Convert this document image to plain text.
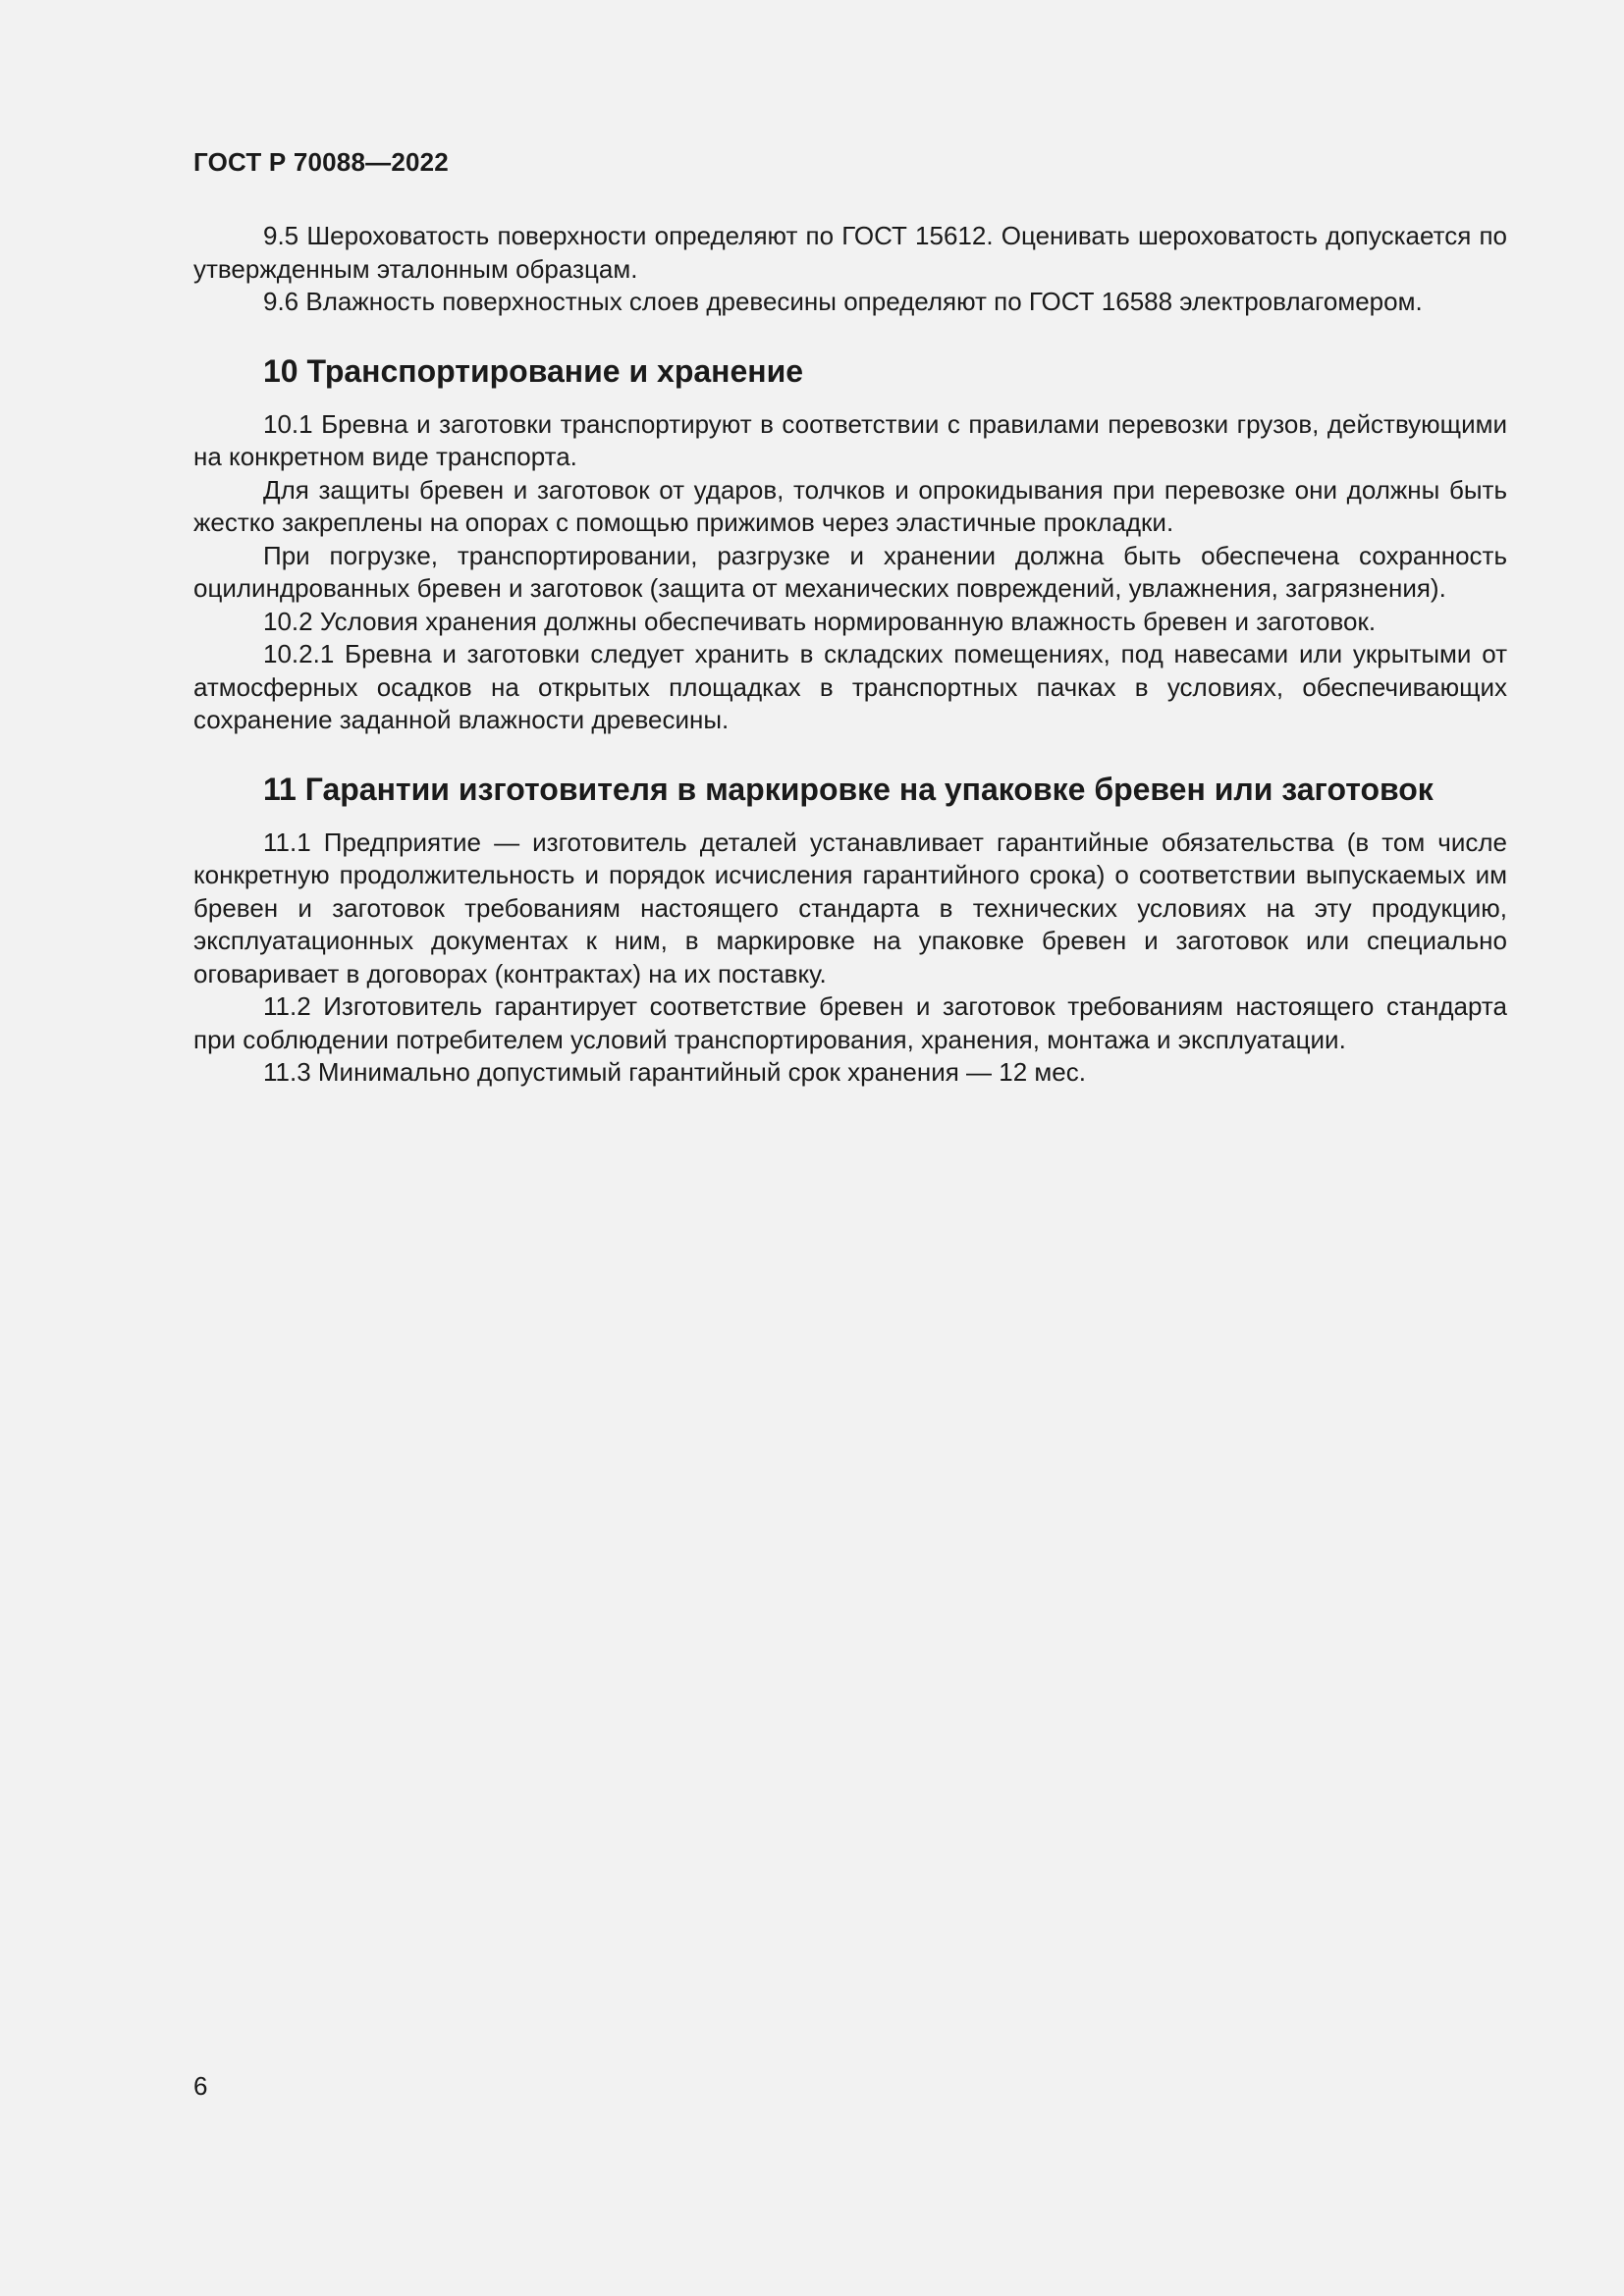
ГОСТ Р 70088—2022

9.5 Шероховатость поверхности определяют по ГОСТ 15612. Оценивать шероховатость допускается по утвержденным эталонным образцам.

9.6 Влажность поверхностных слоев древесины определяют по ГОСТ 16588 электровлагомером.

10 Транспортирование и хранение

10.1 Бревна и заготовки транспортируют в соответствии с правилами перевозки грузов, действующими на конкретном виде транспорта.

Для защиты бревен и заготовок от ударов, толчков и опрокидывания при перевозке они должны быть жестко закреплены на опорах с помощью прижимов через эластичные прокладки.

При погрузке, транспортировании, разгрузке и хранении должна быть обеспечена сохранность оцилиндрованных бревен и заготовок (защита от механических повреждений, увлажнения, загрязнения).

10.2 Условия хранения должны обеспечивать нормированную влажность бревен и заготовок.

10.2.1 Бревна и заготовки следует хранить в складских помещениях, под навесами или укрытыми от атмосферных осадков на открытых площадках в транспортных пачках в условиях, обеспечивающих сохранение заданной влажности древесины.

11 Гарантии изготовителя в маркировке на упаковке бревен или заготовок

11.1 Предприятие — изготовитель деталей устанавливает гарантийные обязательства (в том числе конкретную продолжительность и порядок исчисления гарантийного срока) о соответствии выпускаемых им бревен и заготовок требованиям настоящего стандарта в технических условиях на эту продукцию, эксплуатационных документах к ним, в маркировке на упаковке бревен и заготовок или специально оговаривает в договорах (контрактах) на их поставку.

11.2 Изготовитель гарантирует соответствие бревен и заготовок требованиям настоящего стандарта при соблюдении потребителем условий транспортирования, хранения, монтажа и эксплуатации.

11.3 Минимально допустимый гарантийный срок хранения — 12 мес.

6
